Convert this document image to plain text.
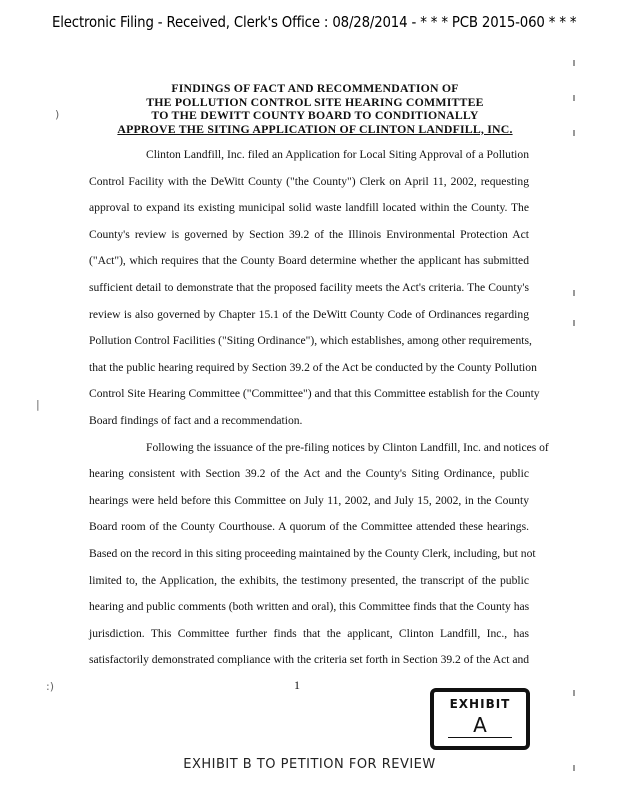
Electronic Filing - Received, Clerk's Office : 08/28/2014 - * * * PCB 2015-060 * * *
FINDINGS OF FACT AND RECOMMENDATION OF
THE POLLUTION CONTROL SITE HEARING COMMITTEE
TO THE DEWITT COUNTY BOARD TO CONDITIONALLY
APPROVE THE SITING APPLICATION OF CLINTON LANDFILL, INC.
Clinton Landfill, Inc. filed an Application for Local Siting Approval of a Pollution
Control Facility with the DeWitt County ("the County") Clerk on April 11, 2002, requesting
approval to expand its existing municipal solid waste landfill located within the County. The
County's review is governed by Section 39.2 of the Illinois Environmental Protection Act
("Act"), which requires that the County Board determine whether the applicant has submitted
sufficient detail to demonstrate that the proposed facility meets the Act's criteria. The County's
review is also governed by Chapter 15.1 of the DeWitt County Code of Ordinances regarding
Pollution Control Facilities ("Siting Ordinance"), which establishes, among other requirements,
that the public hearing required by Section 39.2 of the Act be conducted by the County Pollution
Control Site Hearing Committee ("Committee") and that this Committee establish for the County
Board findings of fact and a recommendation.
Following the issuance of the pre-filing notices by Clinton Landfill, Inc. and notices of
hearing consistent with Section 39.2 of the Act and the County's Siting Ordinance, public
hearings were held before this Committee on July 11, 2002, and July 15, 2002, in the County
Board room of the County Courthouse. A quorum of the Committee attended these hearings.
Based on the record in this siting proceeding maintained by the County Clerk, including, but not
limited to, the Application, the exhibits, the testimony presented, the transcript of the public
hearing and public comments (both written and oral), this Committee finds that the County has
jurisdiction. This Committee further finds that the applicant, Clinton Landfill, Inc., has
satisfactorily demonstrated compliance with the criteria set forth in Section 39.2 of the Act and
1
EXHIBIT
A
EXHIBIT B TO PETITION FOR REVIEW
)
|
:)
